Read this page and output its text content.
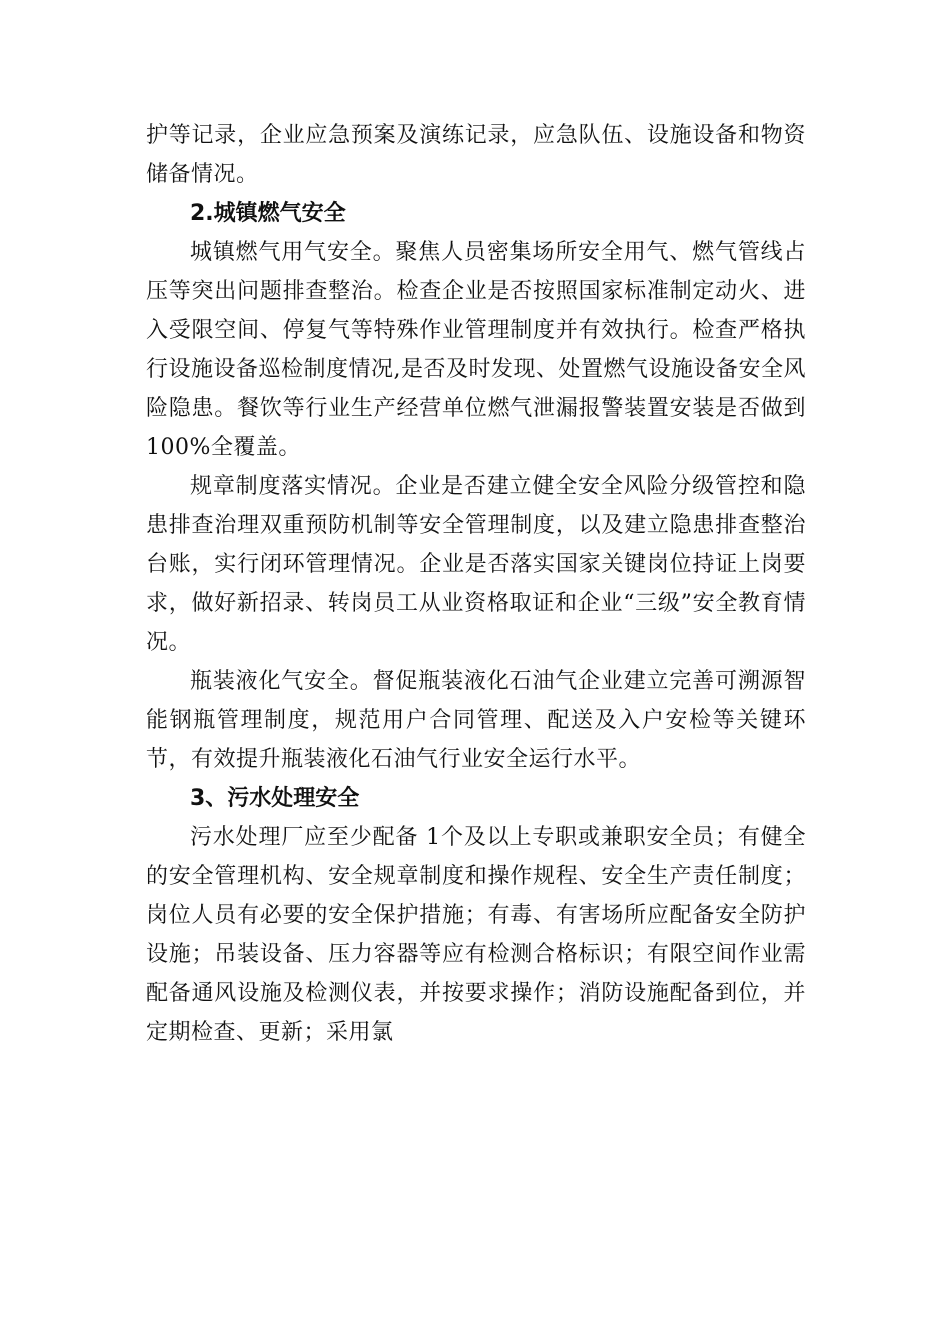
护等记录，企业应急预案及演练记录，应急队伍、设施设备和物资储备情况。

2.城镇燃气安全

城镇燃气用气安全。聚焦人员密集场所安全用气、燃气管线占压等突出问题排查整治。检查企业是否按照国家标准制定动火、进入受限空间、停复气等特殊作业管理制度并有效执行。检查严格执行设施设备巡检制度情况,是否及时发现、处置燃气设施设备安全风险隐患。餐饮等行业生产经营单位燃气泄漏报警装置安装是否做到100%全覆盖。

规章制度落实情况。企业是否建立健全安全风险分级管控和隐患排查治理双重预防机制等安全管理制度，以及建立隐患排查整治台账，实行闭环管理情况。企业是否落实国家关键岗位持证上岗要求，做好新招录、转岗员工从业资格取证和企业“三级”安全教育情况。

瓶装液化气安全。督促瓶装液化石油气企业建立完善可溯源智能钢瓶管理制度，规范用户合同管理、配送及入户安检等关键环节，有效提升瓶装液化石油气行业安全运行水平。

3、污水处理安全

污水处理厂应至少配备 1个及以上专职或兼职安全员；有健全的安全管理机构、安全规章制度和操作规程、安全生产责任制度；岗位人员有必要的安全保护措施；有毒、有害场所应配备安全防护设施；吊装设备、压力容器等应有检测合格标识；有限空间作业需配备通风设施及检测仪表，并按要求操作；消防设施配备到位，并定期检查、更新；采用氯
